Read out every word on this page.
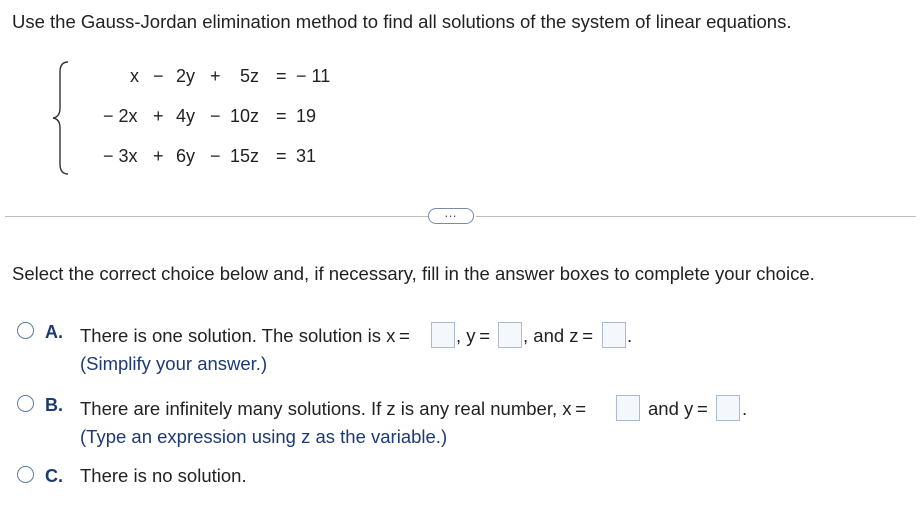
Use the Gauss-Jordan elimination method to find all solutions of the system of linear equations.

x

−

2y

+

5z

=

− 11

− 2x

+

4y

−

10z

=

19

− 3x

+

6y

−

15z

=

31

…
Select the correct choice below and, if necessary, fill in the answer boxes to complete your choice.
A. There is one solution. The solution is x = , y = , and z = .
(Simplify your answer.)
B. There are infinitely many solutions. If z is any real number, x =	and y = .
(Type an expression using z as the variable.)
C. There is no solution.
